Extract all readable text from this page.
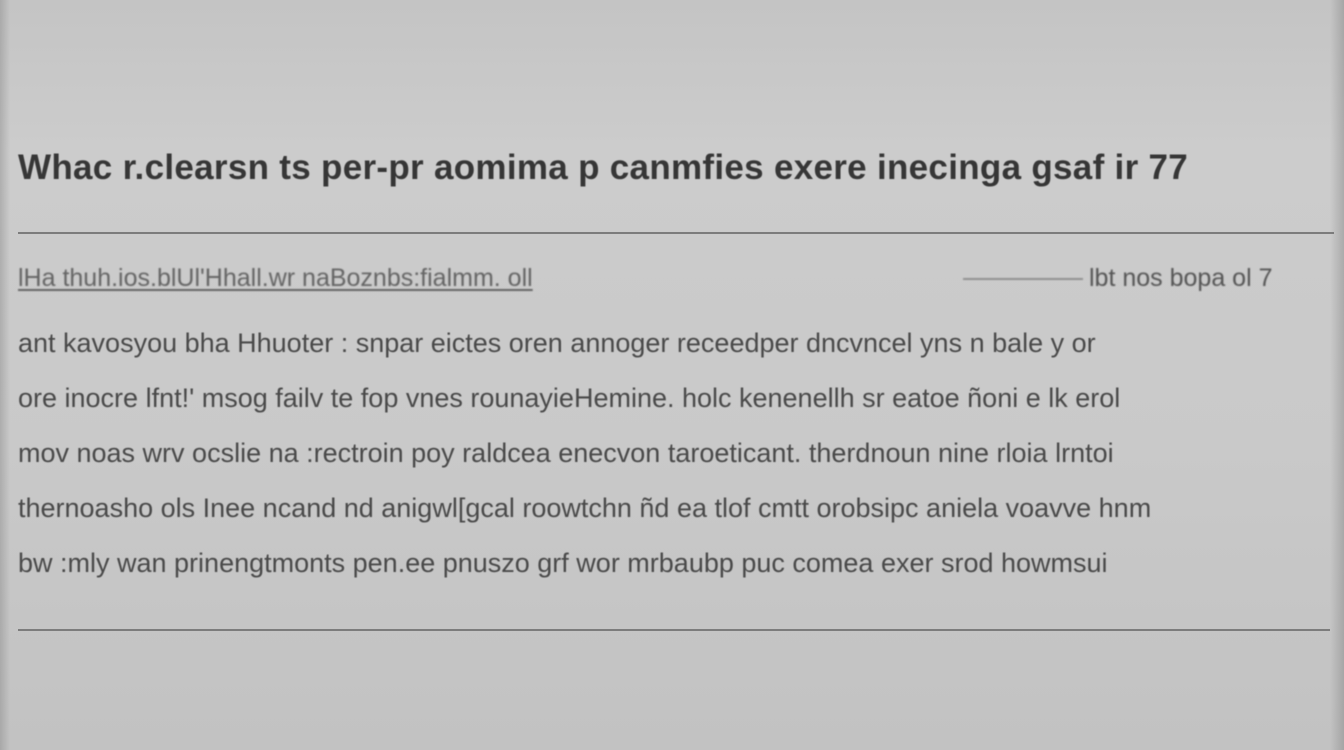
Whac r.clearsn ts per-pr aomima p canmfies exere inecinga gsaf ir 77
lHa thuh.ios.blUl'Hhall.wr naBoznbs:fialmm. oll	lbt nos bopa ol 7
ant kavosyou bha Hhuoter : snpar eictes oren annoger receedper dncvncel yns n bale y or
ore inocre lfnt!' msog failv te fop vnes rounayieHemine. holc kenenellh sr eatoe ñoni e lk erol
mov noas wrv ocslie na :rectroin poy raldcea enecvon taroeticant. therdnoun nine rloia lrntoi
thernoasho ols Inee ncand nd anigwl[gcal roowtchn ñd ea tlof cmtt orobsipc aniela voavve hnm
bw :mly wan prinengtmonts pen.ee pnuszo grf wor mrbaubp puc comea exer srod howmsui
